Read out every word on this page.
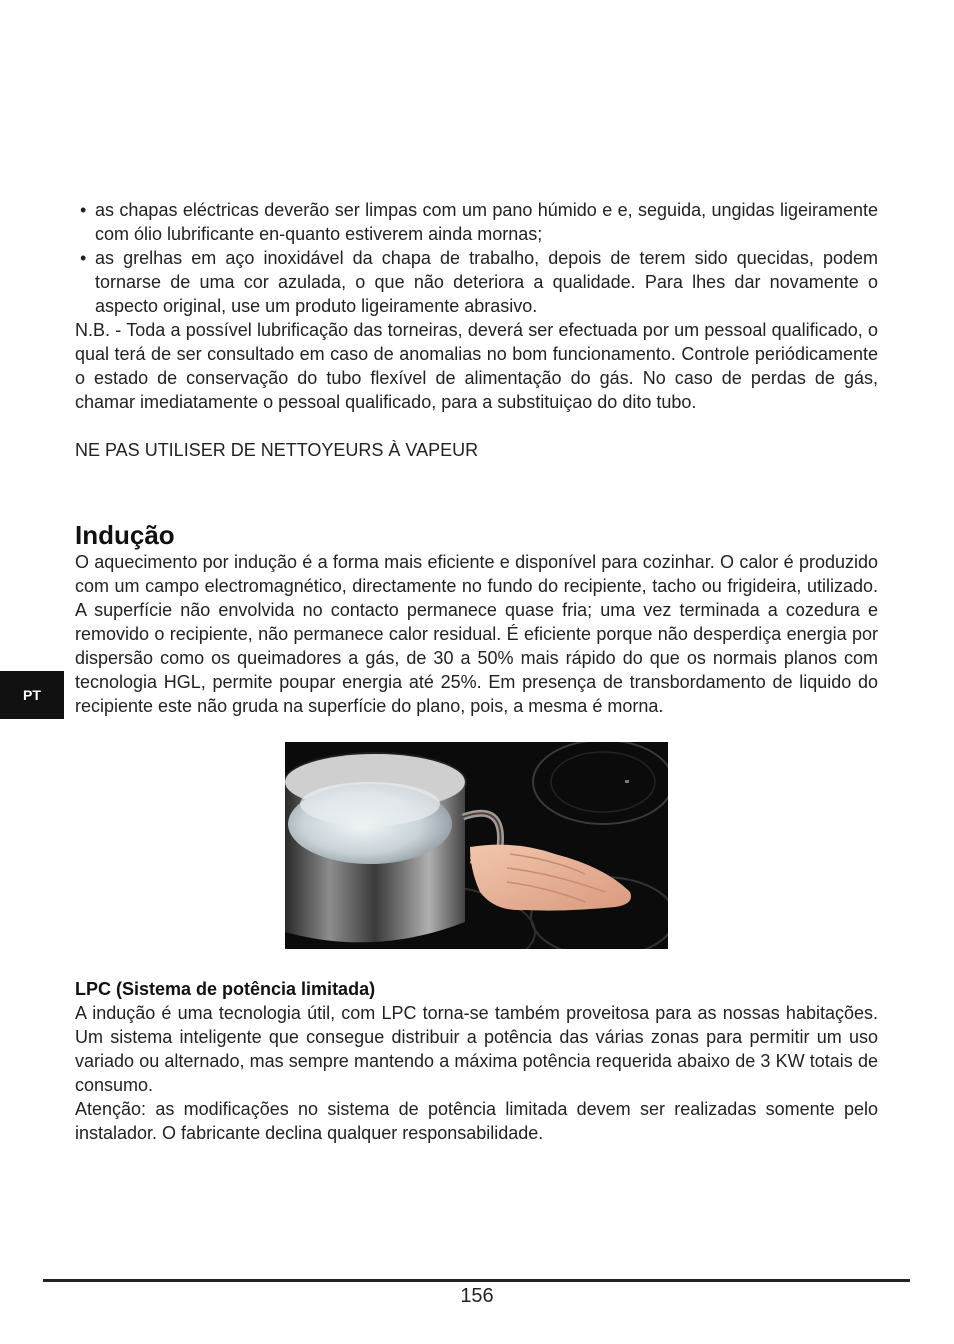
PT
• as chapas eléctricas deverão ser limpas com um pano húmido e e, seguida, ungidas ligeiramente com ólio lubrificante en-quanto estiverem ainda mornas;
• as grelhas em aço inoxidável da chapa de trabalho, depois de terem sido quecidas, podem tornarse de uma cor azulada, o que não deteriora a qualidade. Para lhes dar novamente o aspecto original, use um produto ligeiramente abrasivo.

N.B. - Toda a possível lubrificação das torneiras, deverá ser efectuada por um pessoal qualificado, o qual terá de ser consultado em caso de anomalias no bom funcionamento. Controle periódicamente o estado de conservação do tubo flexível de alimentação do gás. No caso de perdas de gás, chamar imediatamente o pessoal qualificado, para a substituiçao do dito tubo.

NE PAS UTILISER DE NETTOYEURS À VAPEUR

Indução

O aquecimento por indução é a forma mais eficiente e disponível para cozinhar. O calor é produzido com um campo electromagnético, directamente no fundo do recipiente, tacho ou frigideira, utilizado. A superfície não envolvida no contacto permanece quase fria; uma vez terminada a cozedura e removido o recipiente, não permanece calor residual. É eficiente porque não desperdiça energia por dispersão como os queimadores a gás, de 30 a 50% mais rápido do que os normais planos com tecnologia HGL, permite poupar energia até 25%. Em presença de transbordamento de liquido do recipiente este não gruda na superfície do plano, pois, a mesma é morna.

LPC (Sistema de potência limitada)

A indução é uma tecnologia útil, com LPC torna-se também proveitosa para as nossas habitações. Um sistema inteligente que consegue distribuir a potência das várias zonas para permitir um uso variado ou alternado, mas sempre mantendo a máxima potência requerida abaixo de 3 KW totais de consumo.

Atenção: as modificações no sistema de potência limitada devem ser realizadas somente pelo instalador. O fabricante declina qualquer responsabilidade.

156
